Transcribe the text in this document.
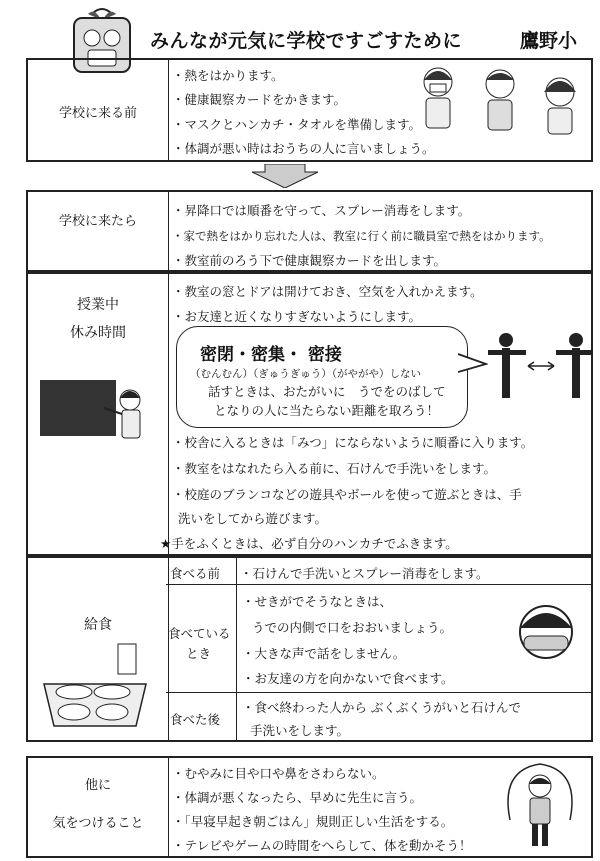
みんなが元気に学校ですごすために	鷹野小
学校に来る前
・熱をはかります。
・健康観察カードをかきます。
・マスクとハンカチ・タオルを準備します。
・体調が悪い時はおうちの人に言いましょう。
学校に来たら
・昇降口では順番を守って、スプレー消毒をします。
・家で熱をはかり忘れた人は、教室に行く前に職員室で熱をはかります。
・教室前のろう下で健康観察カードを出します。
授業中
休み時間
・教室の窓とドアは開けておき、空気を入れかえます。
・お友達と近くなりすぎないようにします。
密閉・密集・ 密接
（むんむん）（ぎゅうぎゅう）（がやがや）しない
話すときは、おたがいに　うでをのばして
となりの人に当たらない距離を取ろう！
・校舎に入るときは「みつ」にならないように順番に入ります。
・教室をはなれたら入る前に、石けんで手洗いをします。
・校庭のブランコなどの遊具やボールを使って遊ぶときは、手
洗いをしてから遊びます。
★手をふくときは、必ず自分のハンカチでふきます。
給食
食べる前 ・石けんで手洗いとスプレー消毒をします。
食べている
とき
・せきがでそうなときは、
うでの内側で口をおおいましょう。
・大きな声で話をしません。
・お友達の方を向かないで食べます。
食べた後
・食べ終わった人から ぶくぶくうがいと石けんで
手洗いをします。
他に
気をつけること
・むやみに目や口や鼻をさわらない。
・体調が悪くなったら、早めに先生に言う。
・「早寝早起き朝ごはん」規則正しい生活をする。
・テレビやゲームの時間をへらして、体を動かそう！
